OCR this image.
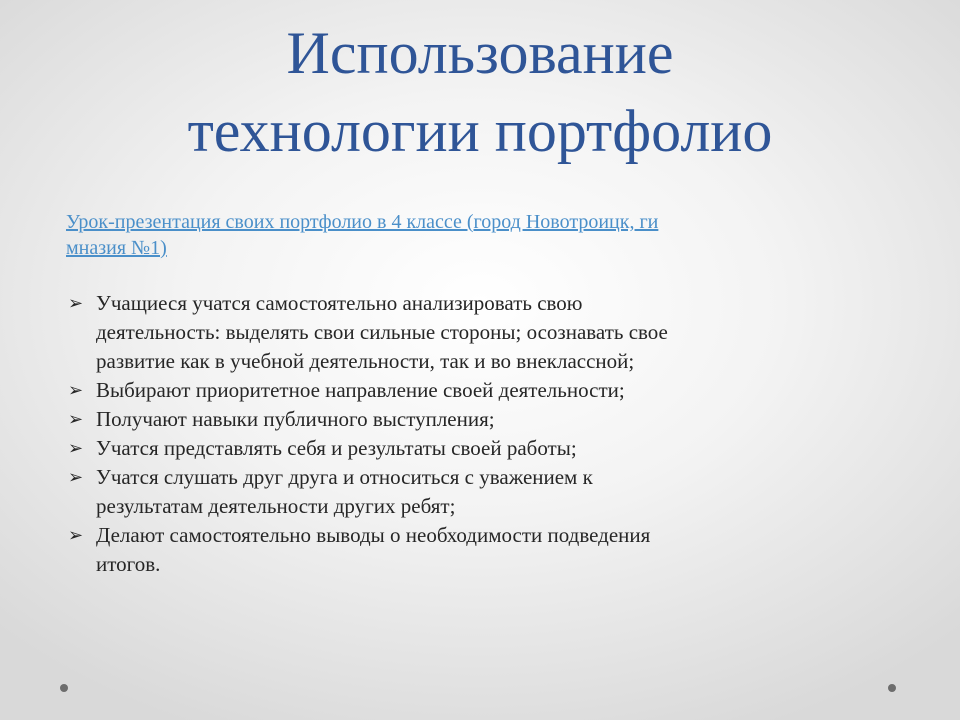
Использование
технологии портфолио
Урок-презентация своих портфолио в 4 классе (город Новотроицк, ги
мназия №1)
➢ Учащиеся учатся самостоятельно анализировать свою
деятельность: выделять свои сильные стороны; осознавать свое
развитие как в учебной деятельности, так и во внеклассной;
➢ Выбирают приоритетное направление своей деятельности;
➢ Получают навыки публичного выступления;
➢ Учатся представлять себя и результаты своей работы;
➢ Учатся слушать друг друга и относиться с уважением к
результатам деятельности других ребят;
➢ Делают самостоятельно выводы о необходимости подведения
итогов.
